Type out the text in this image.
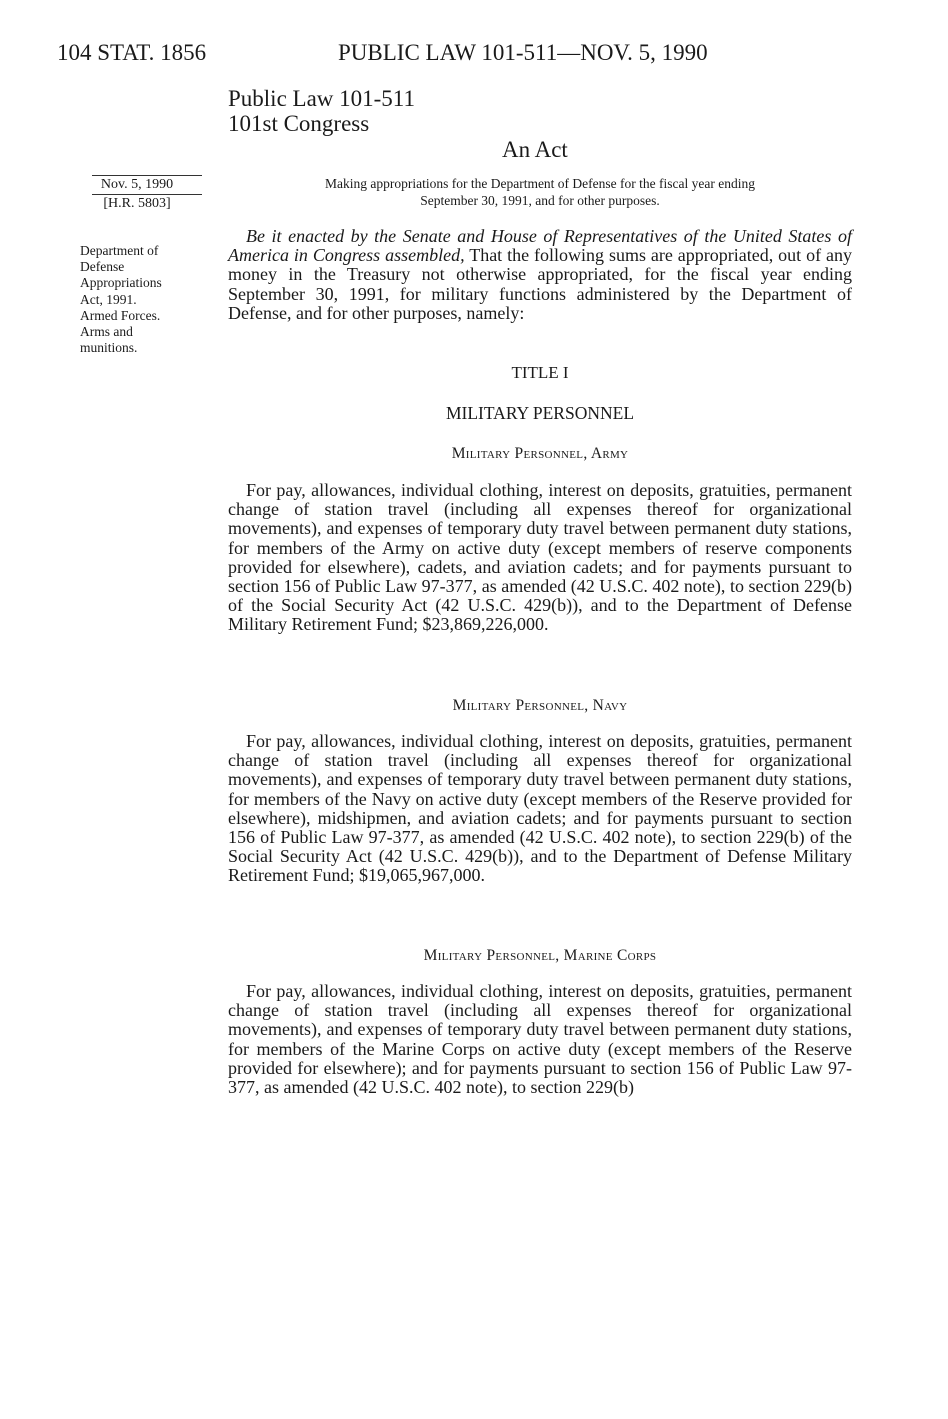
104 STAT. 1856	PUBLIC LAW 101-511—NOV. 5, 1990
Public Law 101-511
101st Congress
An Act
Nov. 5, 1990
[H.R. 5803]
Department of
Defense
Appropriations
Act, 1991.
Armed Forces.
Arms and
munitions.
Making appropriations for the Department of Defense for the fiscal year ending
September 30, 1991, and for other purposes.
Be it enacted by the Senate and House of Representatives of the United States of America in Congress assembled, That the following sums are appropriated, out of any money in the Treasury not otherwise appropriated, for the fiscal year ending September 30, 1991, for military functions administered by the Department of Defense, and for other purposes, namely:
TITLE I
MILITARY PERSONNEL
Military Personnel, Army
For pay, allowances, individual clothing, interest on deposits, gratuities, permanent change of station travel (including all expenses thereof for organizational movements), and expenses of temporary duty travel between permanent duty stations, for members of the Army on active duty (except members of reserve components provided for elsewhere), cadets, and aviation cadets; and for payments pursuant to section 156 of Public Law 97-377, as amended (42 U.S.C. 402 note), to section 229(b) of the Social Security Act (42 U.S.C. 429(b)), and to the Department of Defense Military Retirement Fund; $23,869,226,000.
Military Personnel, Navy
For pay, allowances, individual clothing, interest on deposits, gratuities, permanent change of station travel (including all expenses thereof for organizational movements), and expenses of temporary duty travel between permanent duty stations, for members of the Navy on active duty (except members of the Reserve provided for elsewhere), midshipmen, and aviation cadets; and for payments pursuant to section 156 of Public Law 97-377, as amended (42 U.S.C. 402 note), to section 229(b) of the Social Security Act (42 U.S.C. 429(b)), and to the Department of Defense Military Retirement Fund; $19,065,967,000.
Military Personnel, Marine Corps
For pay, allowances, individual clothing, interest on deposits, gratuities, permanent change of station travel (including all expenses thereof for organizational movements), and expenses of temporary duty travel between permanent duty stations, for members of the Marine Corps on active duty (except members of the Reserve provided for elsewhere); and for payments pursuant to section 156 of Public Law 97-377, as amended (42 U.S.C. 402 note), to section 229(b)
